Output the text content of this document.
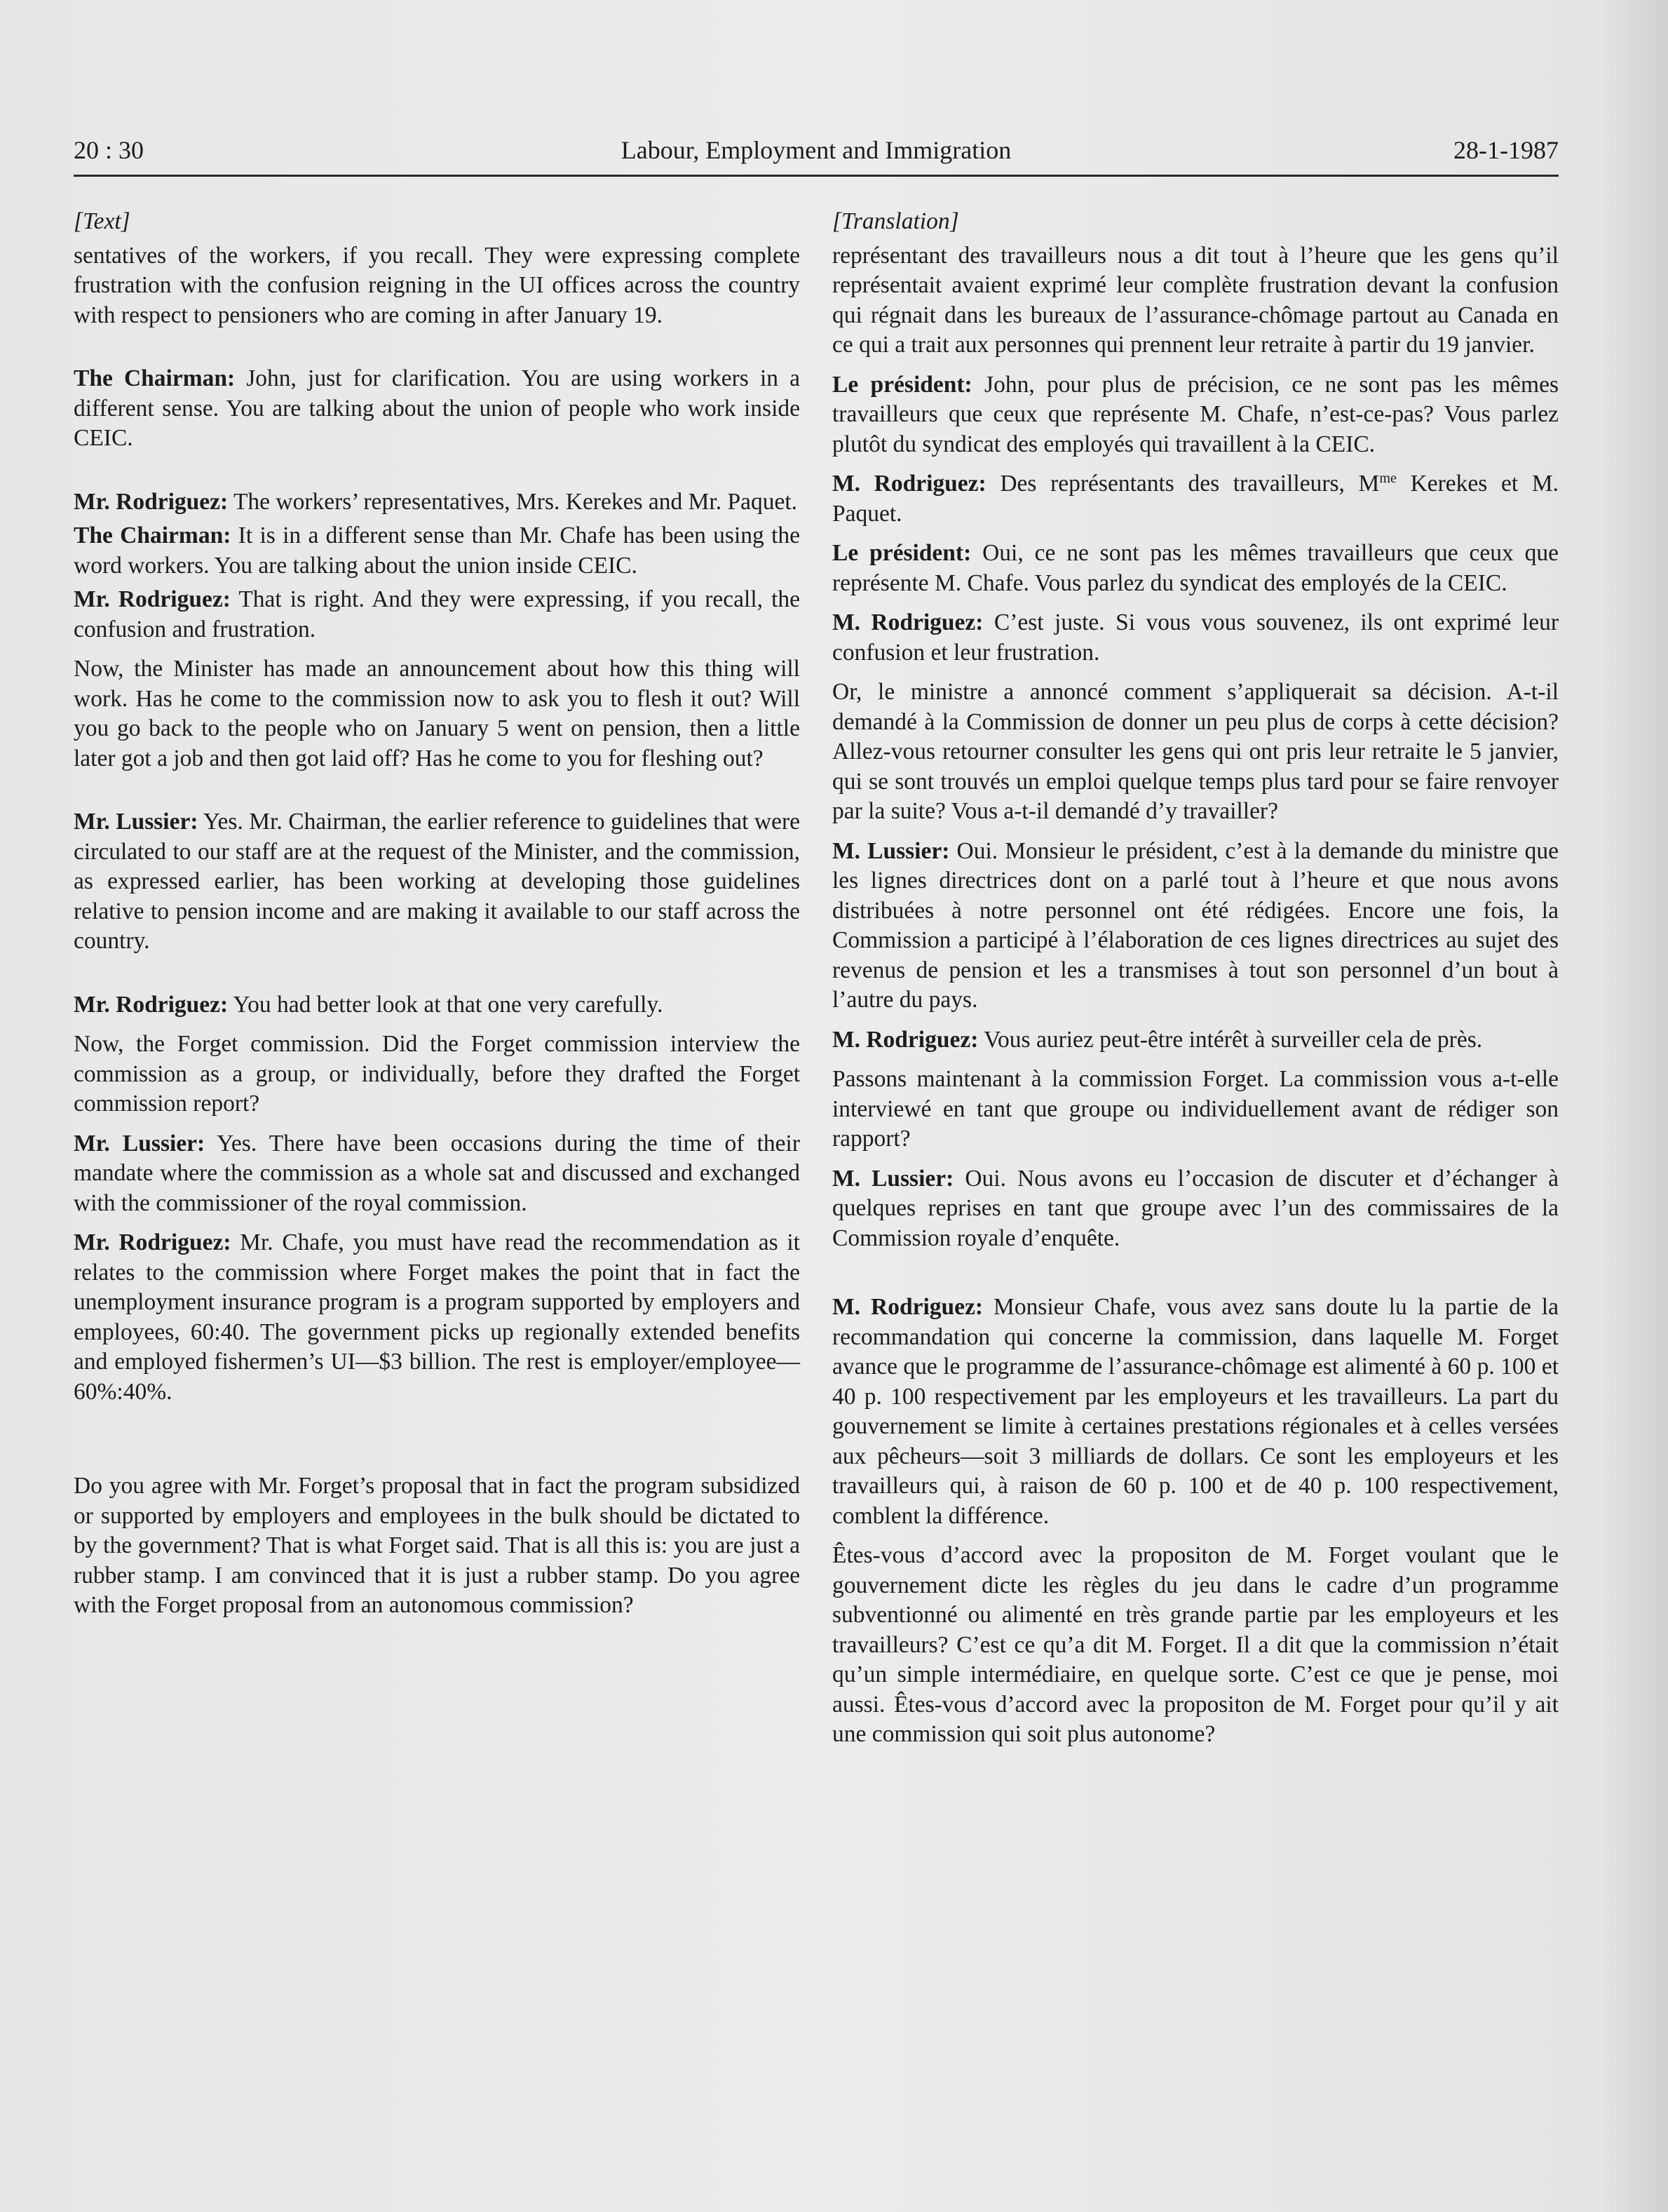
20 : 30	Labour, Employment and Immigration	28-1-1987

[Text]

sentatives of the workers, if you recall. They were expressing complete frustration with the confusion reigning in the UI offices across the country with respect to pensioners who are coming in after January 19.

The Chairman: John, just for clarification. You are using workers in a different sense. You are talking about the union of people who work inside CEIC.

Mr. Rodriguez: The workers’ representatives, Mrs. Kerekes and Mr. Paquet.

The Chairman: It is in a different sense than Mr. Chafe has been using the word workers. You are talking about the union inside CEIC.

Mr. Rodriguez: That is right. And they were expressing, if you recall, the confusion and frustration.

Now, the Minister has made an announcement about how this thing will work. Has he come to the commission now to ask you to flesh it out? Will you go back to the people who on January 5 went on pension, then a little later got a job and then got laid off? Has he come to you for fleshing out?

Mr. Lussier: Yes. Mr. Chairman, the earlier reference to guidelines that were circulated to our staff are at the request of the Minister, and the commission, as expressed earlier, has been working at developing those guidelines relative to pension income and are making it available to our staff across the country.

Mr. Rodriguez: You had better look at that one very carefully.

Now, the Forget commission. Did the Forget commission interview the commission as a group, or individually, before they drafted the Forget commission report?

Mr. Lussier: Yes. There have been occasions during the time of their mandate where the commission as a whole sat and discussed and exchanged with the commissioner of the royal commission.

Mr. Rodriguez: Mr. Chafe, you must have read the recommendation as it relates to the commission where Forget makes the point that in fact the unemployment insurance program is a program supported by employers and employees, 60:40. The government picks up regionally extended benefits and employed fishermen’s UI—$3 billion. The rest is employer/employee—60%:40%.

Do you agree with Mr. Forget’s proposal that in fact the program subsidized or supported by employers and employees in the bulk should be dictated to by the government? That is what Forget said. That is all this is: you are just a rubber stamp. I am convinced that it is just a rubber stamp. Do you agree with the Forget proposal from an autonomous commission?

[Translation]

représentant des travailleurs nous a dit tout à l’heure que les gens qu’il représentait avaient exprimé leur complète frustration devant la confusion qui régnait dans les bureaux de l’assurance-chômage partout au Canada en ce qui a trait aux personnes qui prennent leur retraite à partir du 19 janvier.

Le président: John, pour plus de précision, ce ne sont pas les mêmes travailleurs que ceux que représente M. Chafe, n’est-ce-pas? Vous parlez plutôt du syndicat des employés qui travaillent à la CEIC.

M. Rodriguez: Des représentants des travailleurs, $M^{me}$ Kerekes et M. Paquet.

Le président: Oui, ce ne sont pas les mêmes travailleurs que ceux que représente M. Chafe. Vous parlez du syndicat des employés de la CEIC.

M. Rodriguez: C’est juste. Si vous vous souvenez, ils ont exprimé leur confusion et leur frustration.

Or, le ministre a annoncé comment s’appliquerait sa décision. A-t-il demandé à la Commission de donner un peu plus de corps à cette décision? Allez-vous retourner consulter les gens qui ont pris leur retraite le 5 janvier, qui se sont trouvés un emploi quelque temps plus tard pour se faire renvoyer par la suite? Vous a-t-il demandé d’y travailler?

M. Lussier: Oui. Monsieur le président, c’est à la demande du ministre que les lignes directrices dont on a parlé tout à l’heure et que nous avons distribuées à notre personnel ont été rédigées. Encore une fois, la Commission a participé à l’élaboration de ces lignes directrices au sujet des revenus de pension et les a transmises à tout son personnel d’un bout à l’autre du pays.

M. Rodriguez: Vous auriez peut-être intérêt à surveiller cela de près.

Passons maintenant à la commission Forget. La commission vous a-t-elle interviewé en tant que groupe ou individuellement avant de rédiger son rapport?

M. Lussier: Oui. Nous avons eu l’occasion de discuter et d’échanger à quelques reprises en tant que groupe avec l’un des commissaires de la Commission royale d’enquête.

M. Rodriguez: Monsieur Chafe, vous avez sans doute lu la partie de la recommandation qui concerne la commission, dans laquelle M. Forget avance que le programme de l’assurance-chômage est alimenté à 60 p. 100 et 40 p. 100 respectivement par les employeurs et les travailleurs. La part du gouvernement se limite à certaines prestations régionales et à celles versées aux pêcheurs—soit 3 milliards de dollars. Ce sont les employeurs et les travailleurs qui, à raison de 60 p. 100 et de 40 p. 100 respectivement, comblent la différence.

Êtes-vous d’accord avec la propositon de M. Forget voulant que le gouvernement dicte les règles du jeu dans le cadre d’un programme subventionné ou alimenté en très grande partie par les employeurs et les travailleurs? C’est ce qu’a dit M. Forget. Il a dit que la commission n’était qu’un simple intermédiaire, en quelque sorte. C’est ce que je pense, moi aussi. Êtes-vous d’accord avec la propositon de M. Forget pour qu’il y ait une commission qui soit plus autonome?
